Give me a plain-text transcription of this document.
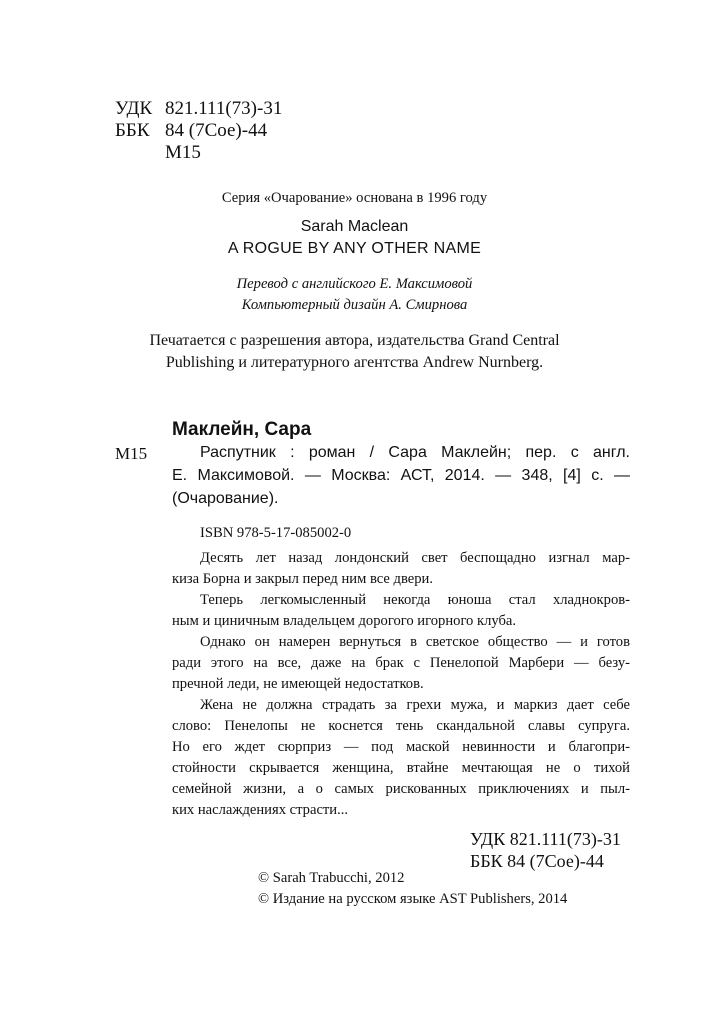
УДК 821.111(73)-31
ББК 84 (7Сое)-44
М15
Серия «Очарование» основана в 1996 году
Sarah Maclean
A ROGUE BY ANY OTHER NAME
Перевод с английского Е. Максимовой
Компьютерный дизайн А. Смирнова
Печатается с разрешения автора, издательства Grand Central
Publishing и литературного агентства Andrew Nurnberg.
Маклейн, Сара
М15	Распутник : роман / Сара Маклейн; пер. с англ.
Е. Максимовой. — Москва: АСТ, 2014. — 348, [4] с. —
(Очарование).
ISBN 978-5-17-085002-0
Десять лет назад лондонский свет беспощадно изгнал мар-
киза Борна и закрыл перед ним все двери.
Теперь легкомысленный некогда юноша стал хладнокров-
ным и циничным владельцем дорогого игорного клуба.
Однако он намерен вернуться в светское общество — и готов
ради этого на все, даже на брак с Пенелопой Марбери — безу-
пречной леди, не имеющей недостатков.
Жена не должна страдать за грехи мужа, и маркиз дает себе
слово: Пенелопы не коснется тень скандальной славы супруга.
Но его ждет сюрприз — под маской невинности и благопри-
стойности скрывается женщина, втайне мечтающая не о тихой
семейной жизни, а о самых рискованных приключениях и пыл-
ких наслаждениях страсти...
УДК 821.111(73)-31
ББК 84 (7Сое)-44
© Sarah Trabucchi, 2012
© Издание на русском языке AST Publishers, 2014
